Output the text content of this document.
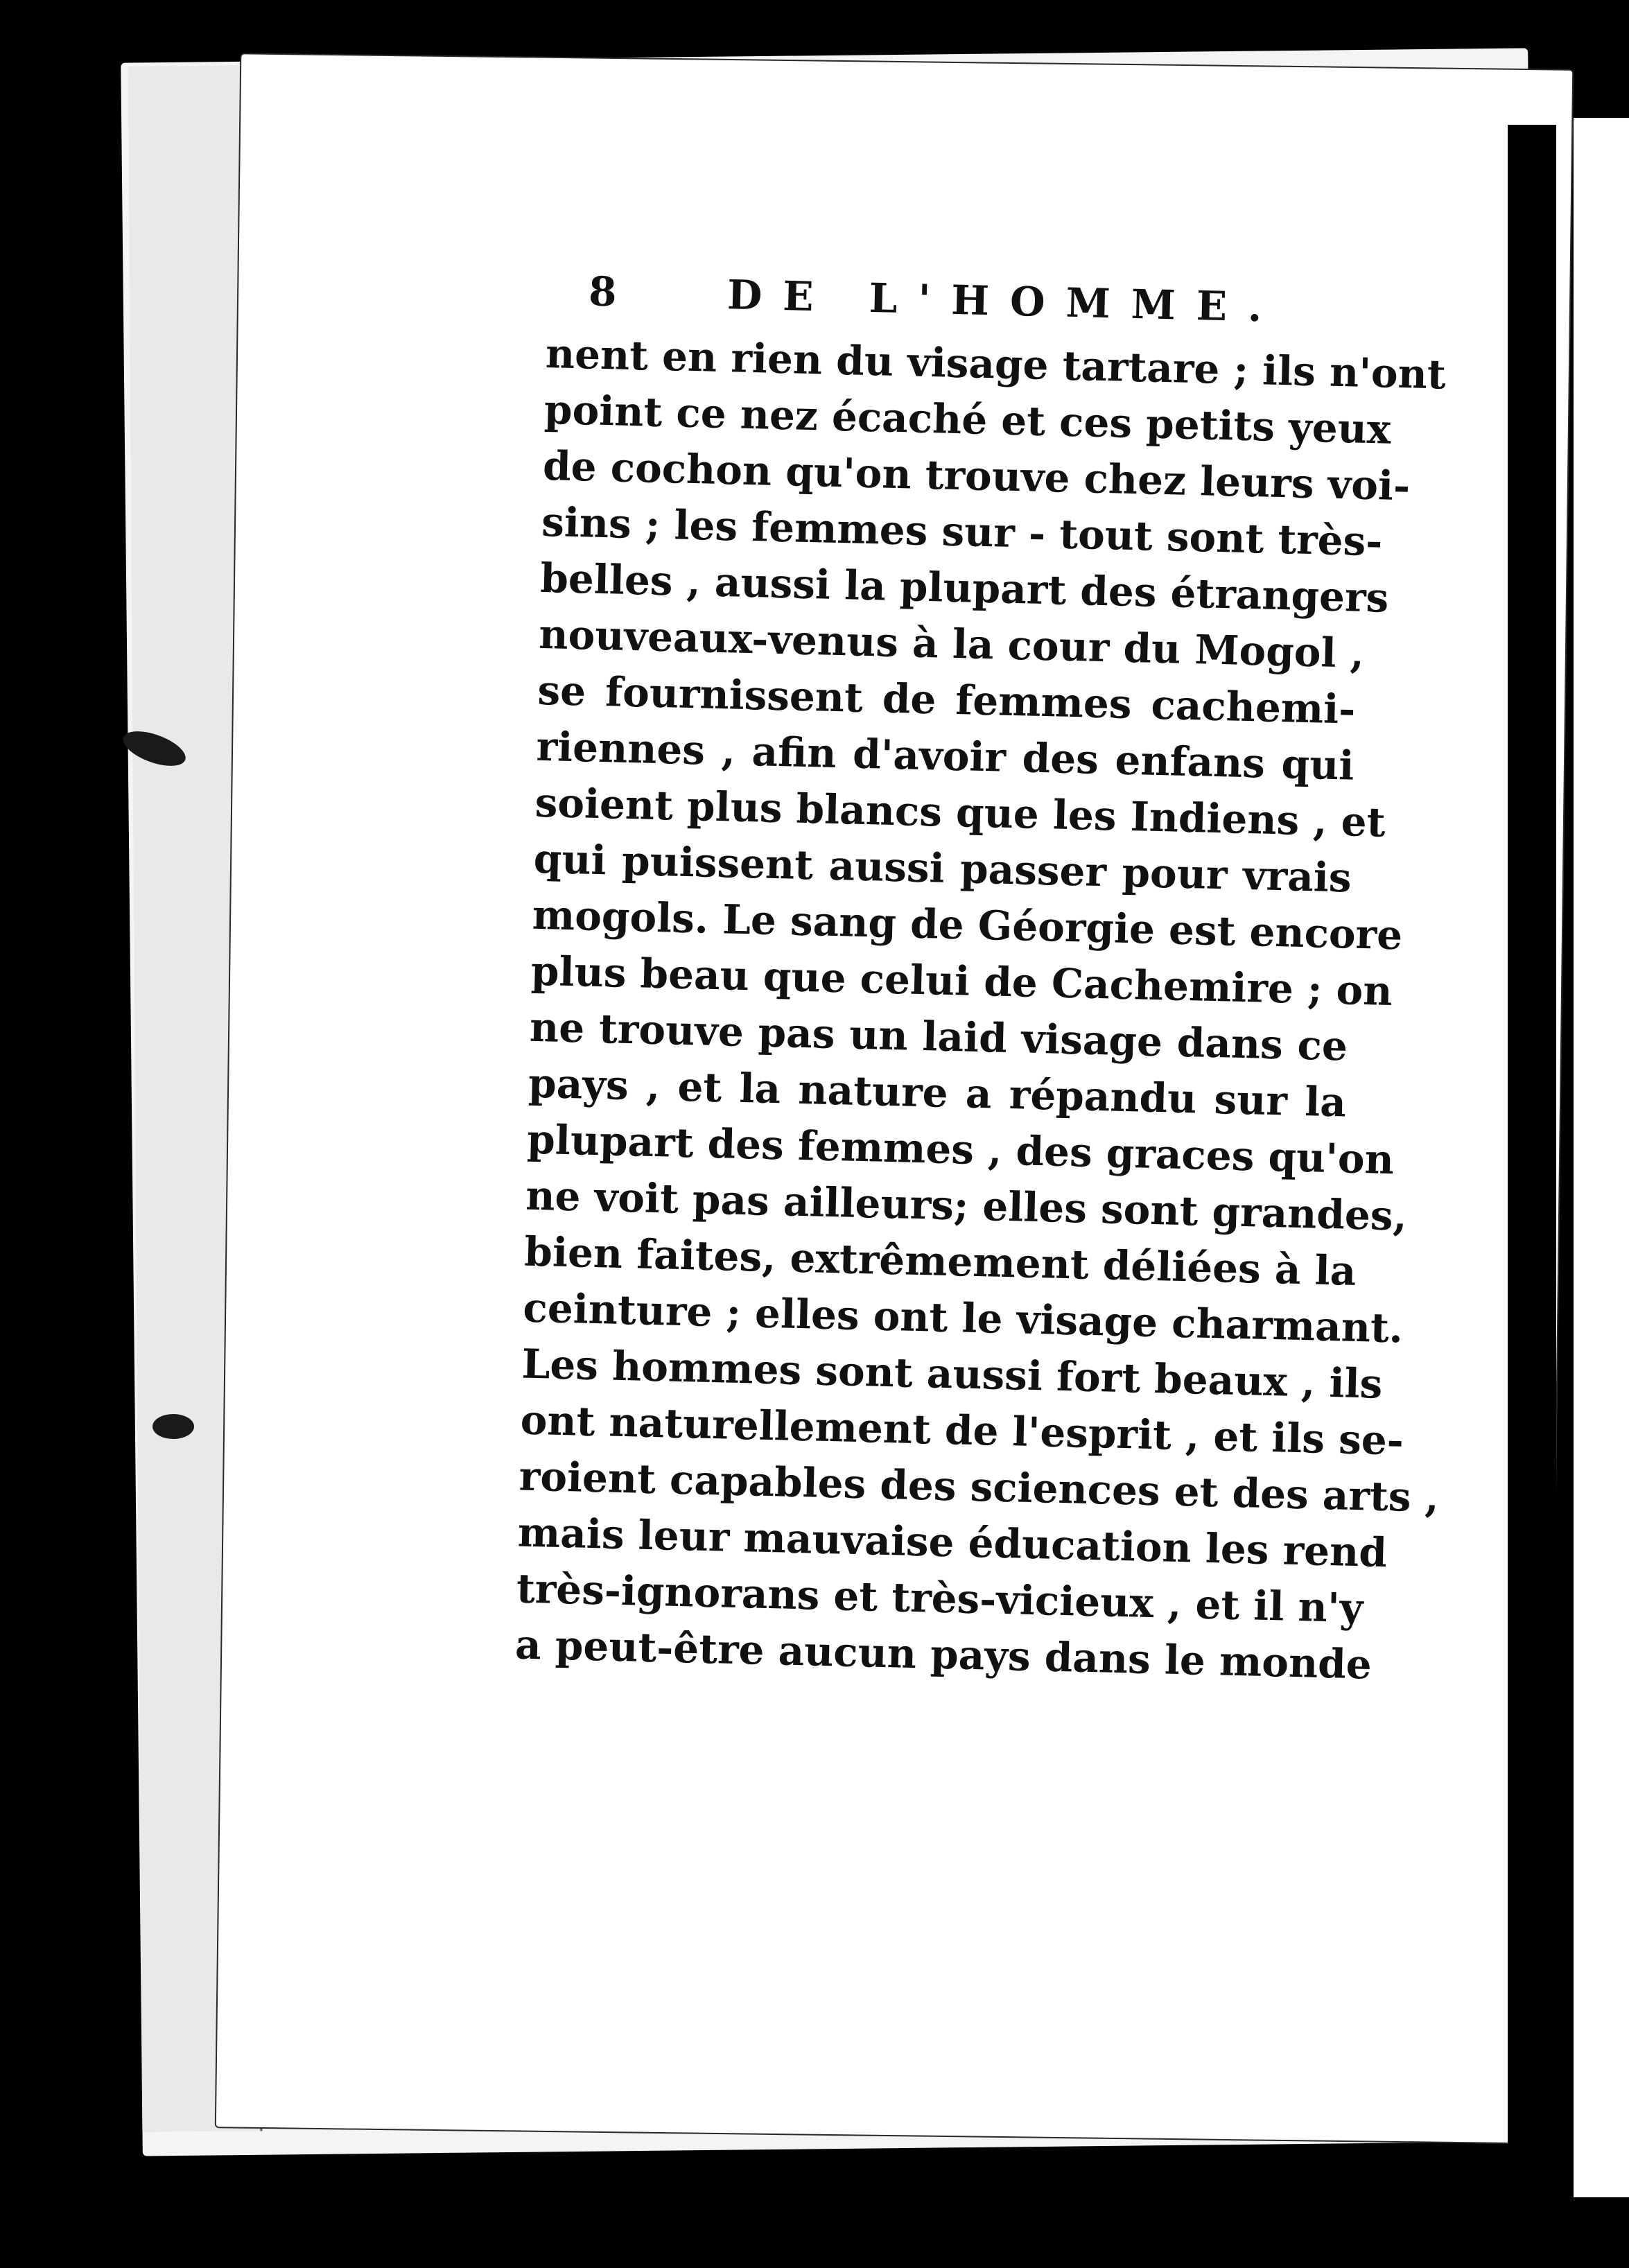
8	DE L'HOMME.
nent en rien du visage tartare ; ils n'ont
point ce nez écaché et ces petits yeux
de cochon qu'on trouve chez leurs voi-
sins ; les femmes sur - tout sont très-
belles , aussi la plupart des étrangers
nouveaux-venus à la cour du Mogol ,
se fournissent de femmes cachemi-
riennes , afin d'avoir des enfans qui
soient plus blancs que les Indiens , et
qui puissent aussi passer pour vrais
mogols. Le sang de Géorgie est encore
plus beau que celui de Cachemire ; on
ne trouve pas un laid visage dans ce
pays , et la nature a répandu sur la
plupart des femmes , des graces qu'on
ne voit pas ailleurs; elles sont grandes,
bien faites, extrêmement déliées à la
ceinture ; elles ont le visage charmant.
Les hommes sont aussi fort beaux , ils
ont naturellement de l'esprit , et ils se-
roient capables des sciences et des arts ,
mais leur mauvaise éducation les rend
très-ignorans et très-vicieux , et il n'y
a peut-être aucun pays dans le monde
